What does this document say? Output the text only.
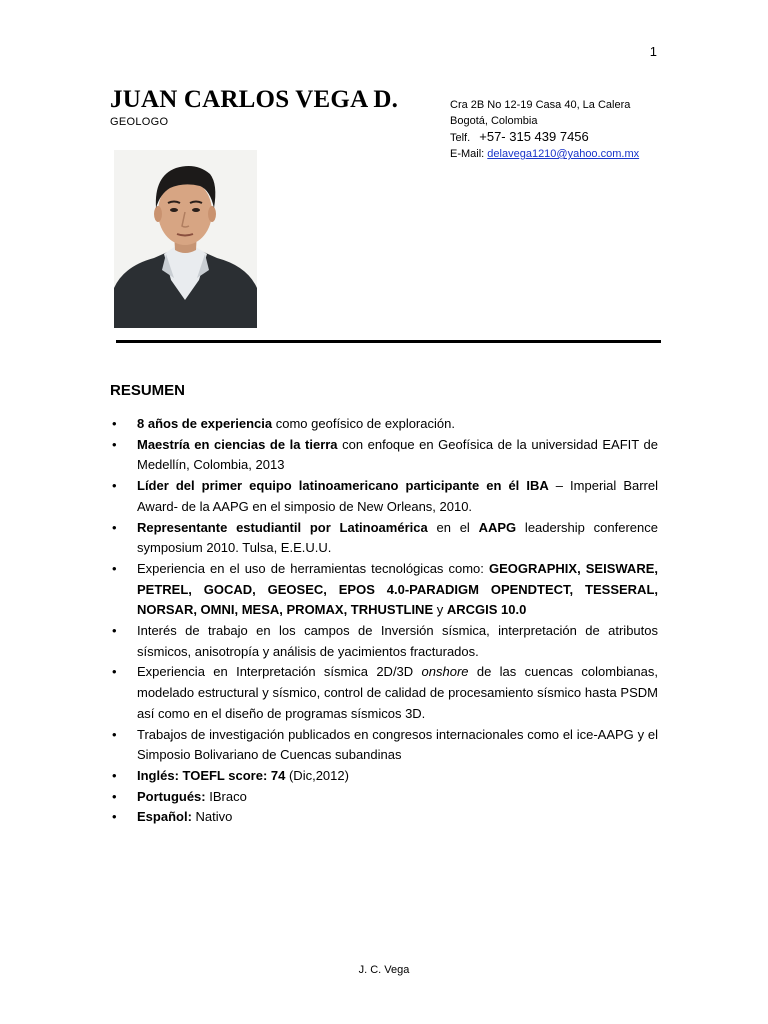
1
JUAN CARLOS VEGA D.
GEOLOGO
Cra 2B No 12-19 Casa 40, La Calera
Bogotá, Colombia
Telf. +57- 315 439 7456
E-Mail: delavega1210@yahoo.com.mx
RESUMEN
• 8 años de experiencia como geofísico de exploración.
• Maestría en ciencias de la tierra con enfoque en Geofísica de la universidad EAFIT de Medellín, Colombia, 2013
• Líder del primer equipo latinoamericano participante en él IBA – Imperial Barrel Award- de la AAPG en el simposio de New Orleans, 2010.
• Representante estudiantil por Latinoamérica en el AAPG leadership conference symposium 2010. Tulsa, E.E.U.U.
• Experiencia en el uso de herramientas tecnológicas como: GEOGRAPHIX, SEISWARE, PETREL, GOCAD, GEOSEC, EPOS 4.0-PARADIGM OPENDTECT, TESSERAL, NORSAR, OMNI, MESA, PROMAX, TRHUSTLINE y ARCGIS 10.0
• Interés de trabajo en los campos de Inversión sísmica, interpretación de atributos sísmicos, anisotropía y análisis de yacimientos fracturados.
• Experiencia en Interpretación sísmica 2D/3D onshore de las cuencas colombianas, modelado estructural y sísmico, control de calidad de procesamiento sísmico hasta PSDM así como en el diseño de programas sísmicos 3D.
• Trabajos de investigación publicados en congresos internacionales como el ice-AAPG y el Simposio Bolivariano de Cuencas subandinas
• Inglés: TOEFL score: 74 (Dic,2012)
• Portugués: IBraco
• Español: Nativo
J. C. Vega
